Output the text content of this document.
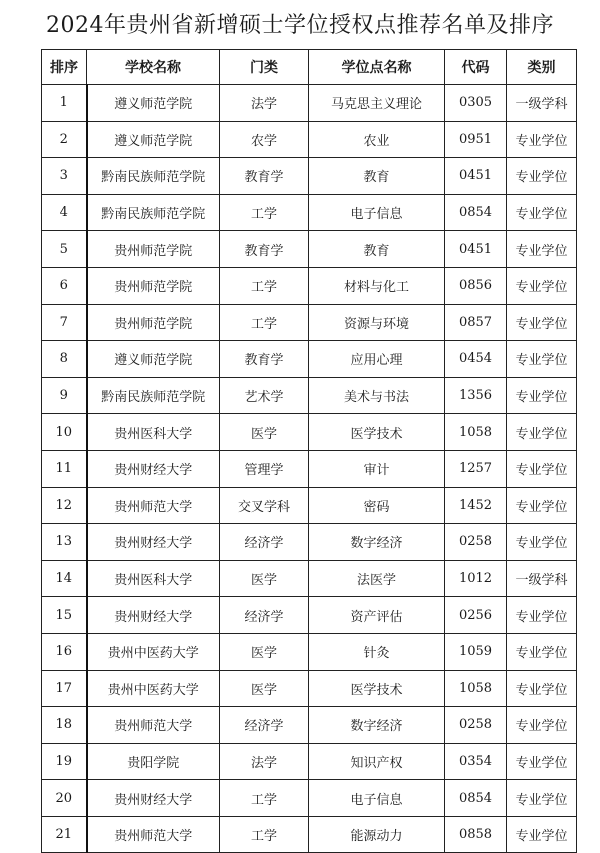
2024年贵州省新增硕士学位授权点推荐名单及排序
排序	学校名称	门类	学位点名称	代码	类别
1	遵义师范学院	法学	马克思主义理论	0305	一级学科
2	遵义师范学院	农学	农业	0951	专业学位
3	黔南民族师范学院	教育学	教育	0451	专业学位
4	黔南民族师范学院	工学	电子信息	0854	专业学位
5	贵州师范学院	教育学	教育	0451	专业学位
6	贵州师范学院	工学	材料与化工	0856	专业学位
7	贵州师范学院	工学	资源与环境	0857	专业学位
8	遵义师范学院	教育学	应用心理	0454	专业学位
9	黔南民族师范学院	艺术学	美术与书法	1356	专业学位
10	贵州医科大学	医学	医学技术	1058	专业学位
11	贵州财经大学	管理学	审计	1257	专业学位
12	贵州师范大学	交叉学科	密码	1452	专业学位
13	贵州财经大学	经济学	数字经济	0258	专业学位
14	贵州医科大学	医学	法医学	1012	一级学科
15	贵州财经大学	经济学	资产评估	0256	专业学位
16	贵州中医药大学	医学	针灸	1059	专业学位
17	贵州中医药大学	医学	医学技术	1058	专业学位
18	贵州师范大学	经济学	数字经济	0258	专业学位
19	贵阳学院	法学	知识产权	0354	专业学位
20	贵州财经大学	工学	电子信息	0854	专业学位
21	贵州师范大学	工学	能源动力	0858	专业学位
